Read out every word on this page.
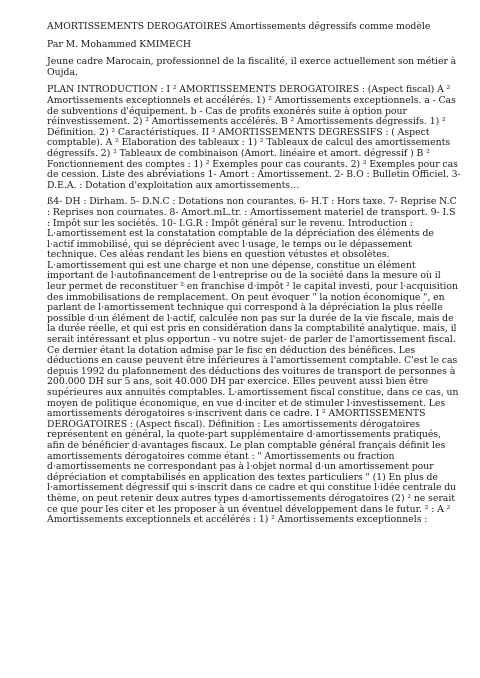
AMORTISSEMENTS DEROGATOIRES Amortissements dégressifs comme modèle

Par M. Mohammed KMIMECH

Jeune cadre Marocain, professionnel de la fiscalité, il exerce actuellement son métier à Oujda.

PLAN INTRODUCTION : I ² AMORTISSEMENTS DEROGATOIRES : (Aspect fiscal) A ² Amortissements exceptionnels et accélérés. 1) ² Amortissements exceptionnels. a - Cas de subventions d'équipement. b - Cas de profits exonérés suite à option pour réinvestissement. 2) ² Amortissements accélérés. B ² Amortissements dégressifs. 1) ² Définition. 2) ² Caractéristiques. II ² AMORTISSEMENTS DEGRESSIFS : ( Aspect comptable). A ² Elaboration des tableaux : 1) ² Tableaux de calcul des amortissements dégressifs. 2) ² Tableaux de combinaison (Amort. linéaire et amort. dégressif ) B ² Fonctionnement des comptes : 1) ² Exemples pour cas courants. 2) ² Exemples pour cas de cession. Liste des abréviations 1- Amort : Amortissement. 2- B.O : Bulletin Officiel. 3- D.E.A. : Dotation d'exploitation aux amortissements…

ß4- DH : Dirham. 5- D.N.C : Dotations non courantes. 6- H.T : Hors taxe. 7- Reprise N.C : Reprises non cournates. 8- Amort.mL.tr. : Amortissement materiel de transport. 9- I.S : Impôt sur les sociétés. 10- I.G.R : Impôt général sur le revenu. Introduction : L·amortissement est la constatation comptable de la dépréciation des éléments de l·actif immobilisé, qui se déprécient avec l·usage, le temps ou le dépassement technique. Ces aléas rendant les biens en question vétustes et obsolètes. L·amortissement qui est une charge et non une dépense, constitue un élément important de l·autofinancement de l·entreprise ou de la société dans la mesure où il leur permet de reconstituer ² en franchise d·impôt ² le capital investi, pour l·acquisition des immobilisations de remplacement. On peut évoquer " la notion économique ", en parlant de l·amortissement technique qui correspond à la dépréciation la plus réelle possible d·un élément de l·actif, calculée non pas sur la durée de la vie fiscale, mais de la durée réelle, et qui est pris en considération dans la comptabilité analytique. mais, il serait intéressant et plus opportun - vu notre sujet- de parler de l'amortissement fiscal. Ce dernier étant la dotation admise par le fisc en déduction des bénéfices. Les déductions en cause peuvent être inférieures à l'amortissement comptable. C'est le cas depuis 1992 du plafonnement des déductions des voitures de transport de personnes à 200.000 DH sur 5 ans, soit 40.000 DH par exercice. Elles peuvent aussi bien être supérieures aux annuités comptables. L·amortissement fiscal constitue, dans ce cas, un moyen de politique économique, en vue d·inciter et de stimuler l·investissement. Les amortissements dérogatoires s·inscrivent dans ce cadre. I ² AMORTISSEMENTS DEROGATOIRES : (Aspect fiscal). Définition : Les amortissements dérogatoires représentent en général, la quote-part supplémentaire d·amortissements pratiqués, afin de bénéficier d·avantages fiscaux. Le plan comptable général français définit les amortissements dérogatoires comme étant : " Amortissements ou fraction d·amortissements ne correspondant pas à l·objet normal d·un amortissement pour dépréciation et comptabilisés en application des textes particuliers " (1) En plus de l·amortissement dégressif qui s·inscrit dans ce cadre et qui constitue l·idée centrale du thème, on peut retenir deux autres types d·amortissements dérogatoires (2) ² ne serait ce que pour les citer et les proposer à un éventuel développement dans le futur. ² : A ² Amortissements exceptionnels et accélérés : 1) ² Amortissements exceptionnels :
